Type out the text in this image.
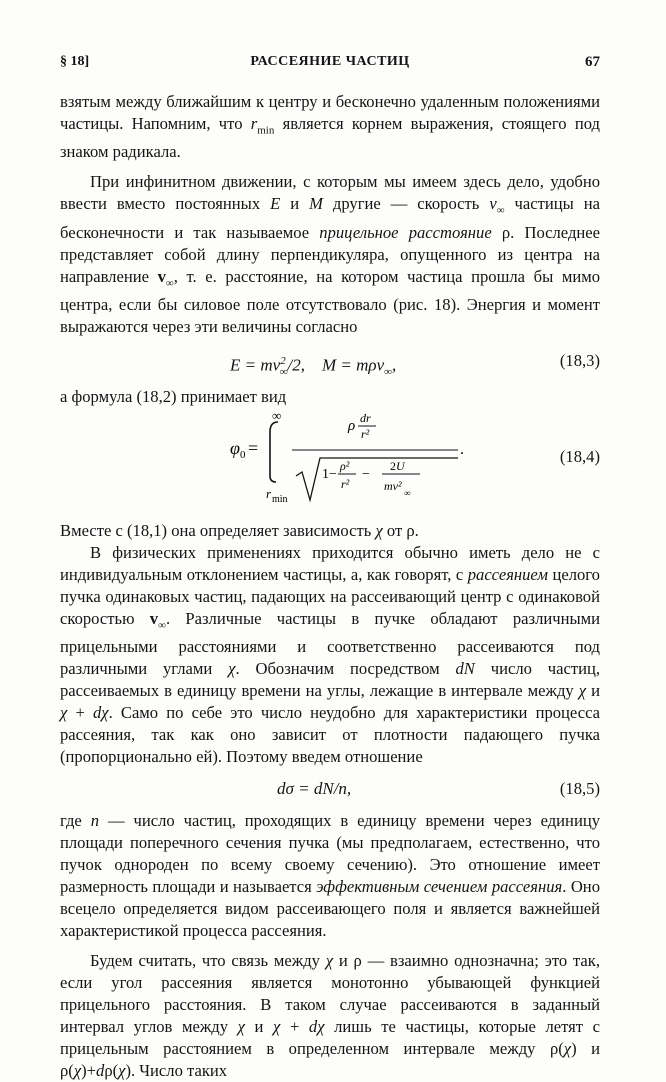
§ 18]	РАССЕЯНИЕ ЧАСТИЦ	67

взятым между ближайшим к центру и бесконечно удаленным положениями частицы. Напомним, что $r_{min}$ является корнем выражения, стоящего под знаком радикала.

При инфинитном движении, с которым мы имеем здесь дело, удобно ввести вместо постоянных E и M другие — скорость $v_\infty$ частицы на бесконечности и так называемое прицельное расстояние ρ. Последнее представляет собой длину перпендикуляра, опущенного из центра на направление $v_\infty$, т. е. расстояние, на котором частица прошла бы мимо центра, если бы силовое поле отсутствовало (рис. 18). Энергия и момент выражаются через эти величины согласно

$E = mv^2_\infty/2$,    M = mρv$_\infty$,	(18,3)

а формула (18,2) принимает вид

φ 0 =
∞
r min
ρ dr
r²
1−
ρ²
r²
−
2U
mv² ∞
.	(18,4)

Вместе с (18,1) она определяет зависимость χ от ρ.

В физических применениях приходится обычно иметь дело не с индивидуальным отклонением частицы, а, как говорят, с рассеянием целого пучка одинаковых частиц, падающих на рассеивающий центр с одинаковой скоростью $v_\infty$. Различные частицы в пучке обладают различными прицельными расстояниями и соответственно рассеиваются под различными углами χ. Обозначим посредством dN число частиц, рассеиваемых в единицу времени на углы, лежащие в интервале между χ и χ + dχ. Само по себе это число неудобно для характеристики процесса рассеяния, так как оно зависит от плотности падающего пучка (пропорционально ей). Поэтому введем отношение

dσ = dN/n,	(18,5)

где n — число частиц, проходящих в единицу времени через единицу площади поперечного сечения пучка (мы предполагаем, естественно, что пучок однороден по всему своему сечению). Это отношение имеет размерность площади и называется эффективным сечением рассеяния. Оно всецело определяется видом рассеивающего поля и является важнейшей характеристикой процесса рассеяния.

Будем считать, что связь между χ и ρ — взаимно однозначна; это так, если угол рассеяния является монотонно убывающей функцией прицельного расстояния. В таком случае рассеиваются в заданный интервал углов между χ и χ + dχ лишь те частицы, которые летят с прицельным расстоянием в определенном интервале между ρ(χ) и ρ(χ)+dρ(χ). Число таких
